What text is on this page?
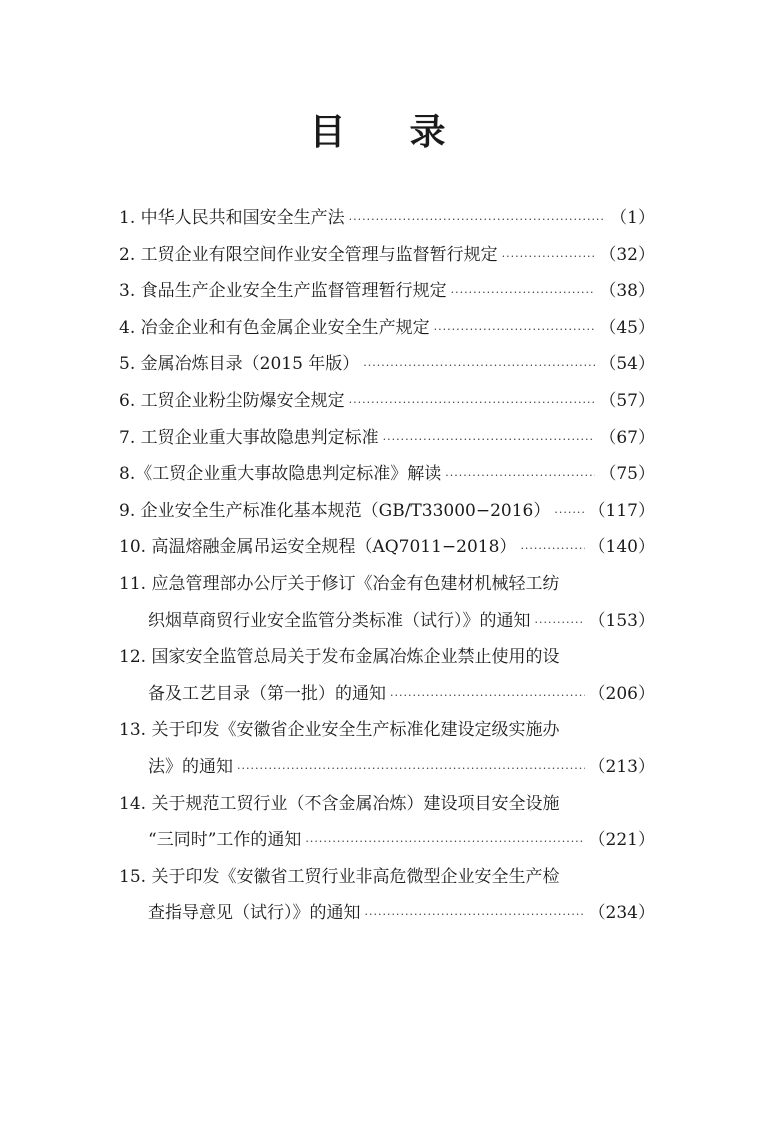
目 录
1. 中华人民共和国安全生产法 ·····	（1）
2. 工贸企业有限空间作业安全管理与监督暂行规定 ·····	（32）
3. 食品生产企业安全生产监督管理暂行规定 ·····	（38）
4. 冶金企业和有色金属企业安全生产规定 ·····	（45）
5. 金属冶炼目录（2015 年版） ·····	（54）
6. 工贸企业粉尘防爆安全规定 ·····	（57）
7. 工贸企业重大事故隐患判定标准 ·····	（67）
8.《工贸企业重大事故隐患判定标准》解读 ·····	（75）
9. 企业安全生产标准化基本规范（GB/T33000−2016） ····· （117）
10. 高温熔融金属吊运安全规程（AQ7011−2018） ·····	（140）
11. 应急管理部办公厅关于修订《冶金有色建材机械轻工纺
织烟草商贸行业安全监管分类标准（试行）》的通知 ·····	（153）
12. 国家安全监管总局关于发布金属冶炼企业禁止使用的设
备及工艺目录（第一批）的通知 ·····	（206）
13. 关于印发《安徽省企业安全生产标准化建设定级实施办
法》的通知 ·····	（213）
14. 关于规范工贸行业（不含金属冶炼）建设项目安全设施
“三同时”工作的通知 ·····	（221）
15. 关于印发《安徽省工贸行业非高危微型企业安全生产检
查指导意见（试行）》的通知 ·····	（234）
